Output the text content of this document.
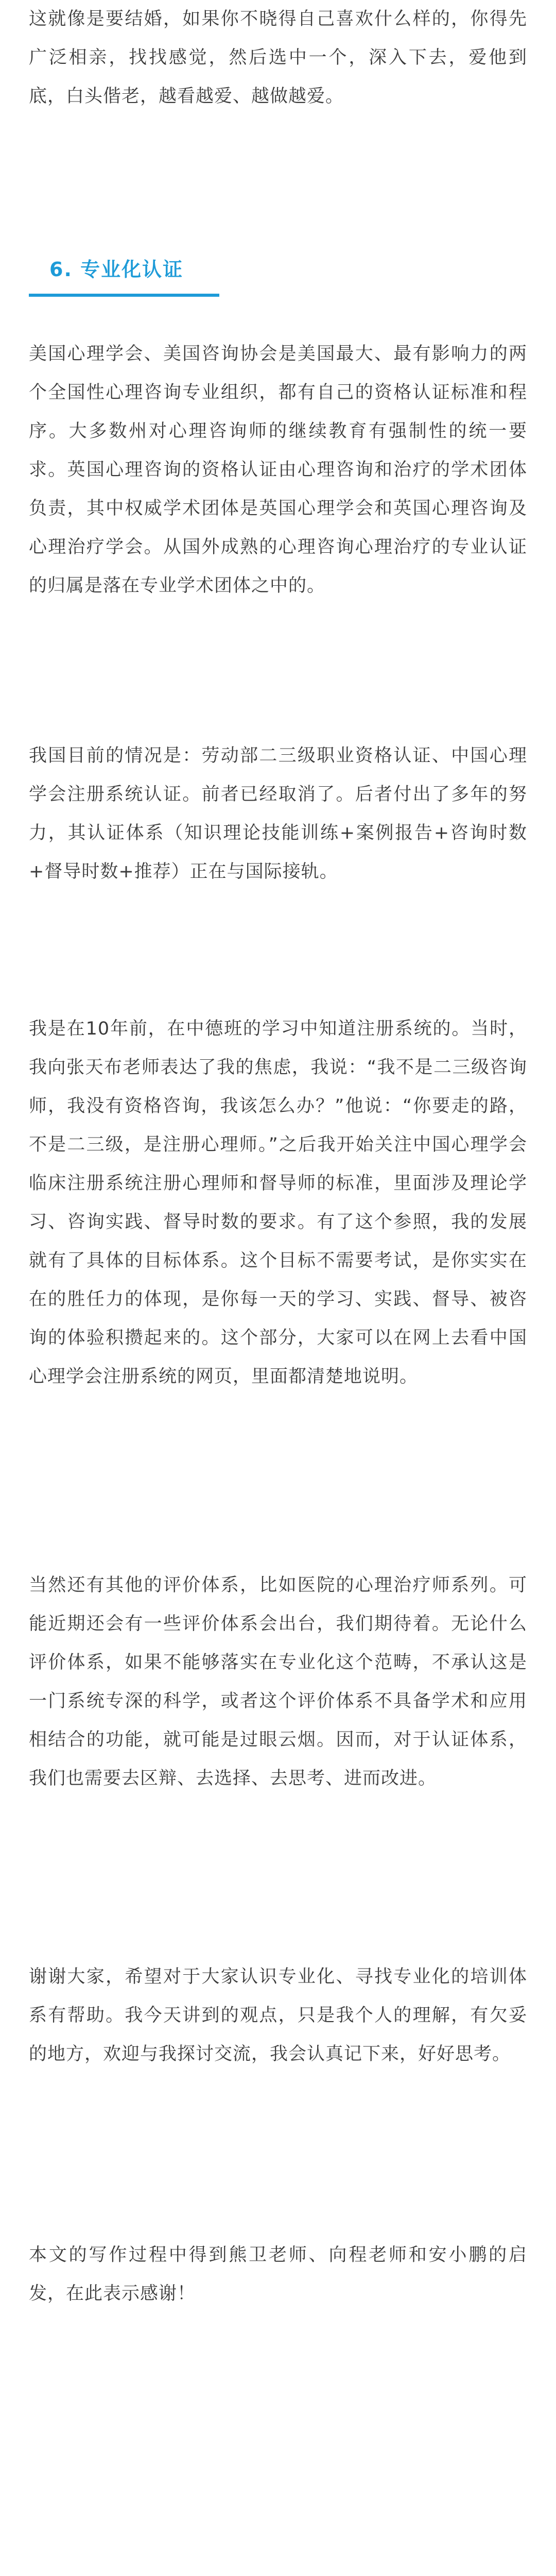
这就像是要结婚，如果你不晓得自己喜欢什么样的，你得先广泛相亲，找找感觉，然后选中一个，深入下去，爱他到底，白头偕老，越看越爱、越做越爱。

6. 专业化认证

美国心理学会、美国咨询协会是美国最大、最有影响力的两个全国性心理咨询专业组织，都有自己的资格认证标准和程序。大多数州对心理咨询师的继续教育有强制性的统一要求。英国心理咨询的资格认证由心理咨询和治疗的学术团体负责，其中权威学术团体是英国心理学会和英国心理咨询及心理治疗学会。从国外成熟的心理咨询心理治疗的专业认证的归属是落在专业学术团体之中的。

我国目前的情况是：劳动部二三级职业资格认证、中国心理学会注册系统认证。前者已经取消了。后者付出了多年的努力，其认证体系（知识理论技能训练+案例报告+咨询时数+督导时数+推荐）正在与国际接轨。

我是在10年前，在中德班的学习中知道注册系统的。当时，我向张天布老师表达了我的焦虑，我说：“我不是二三级咨询师，我没有资格咨询，我该怎么办？”他说：“你要走的路，不是二三级，是注册心理师。”之后我开始关注中国心理学会临床注册系统注册心理师和督导师的标准，里面涉及理论学习、咨询实践、督导时数的要求。有了这个参照，我的发展就有了具体的目标体系。这个目标不需要考试，是你实实在在的胜任力的体现，是你每一天的学习、实践、督导、被咨询的体验积攒起来的。这个部分，大家可以在网上去看中国心理学会注册系统的网页，里面都清楚地说明。

当然还有其他的评价体系，比如医院的心理治疗师系列。可能近期还会有一些评价体系会出台，我们期待着。无论什么评价体系，如果不能够落实在专业化这个范畴，不承认这是一门系统专深的科学，或者这个评价体系不具备学术和应用相结合的功能，就可能是过眼云烟。因而，对于认证体系，我们也需要去区辩、去选择、去思考、进而改进。

谢谢大家，希望对于大家认识专业化、寻找专业化的培训体系有帮助。我今天讲到的观点，只是我个人的理解，有欠妥的地方，欢迎与我探讨交流，我会认真记下来，好好思考。

本文的写作过程中得到熊卫老师、向程老师和安小鹏的启发，在此表示感谢！
